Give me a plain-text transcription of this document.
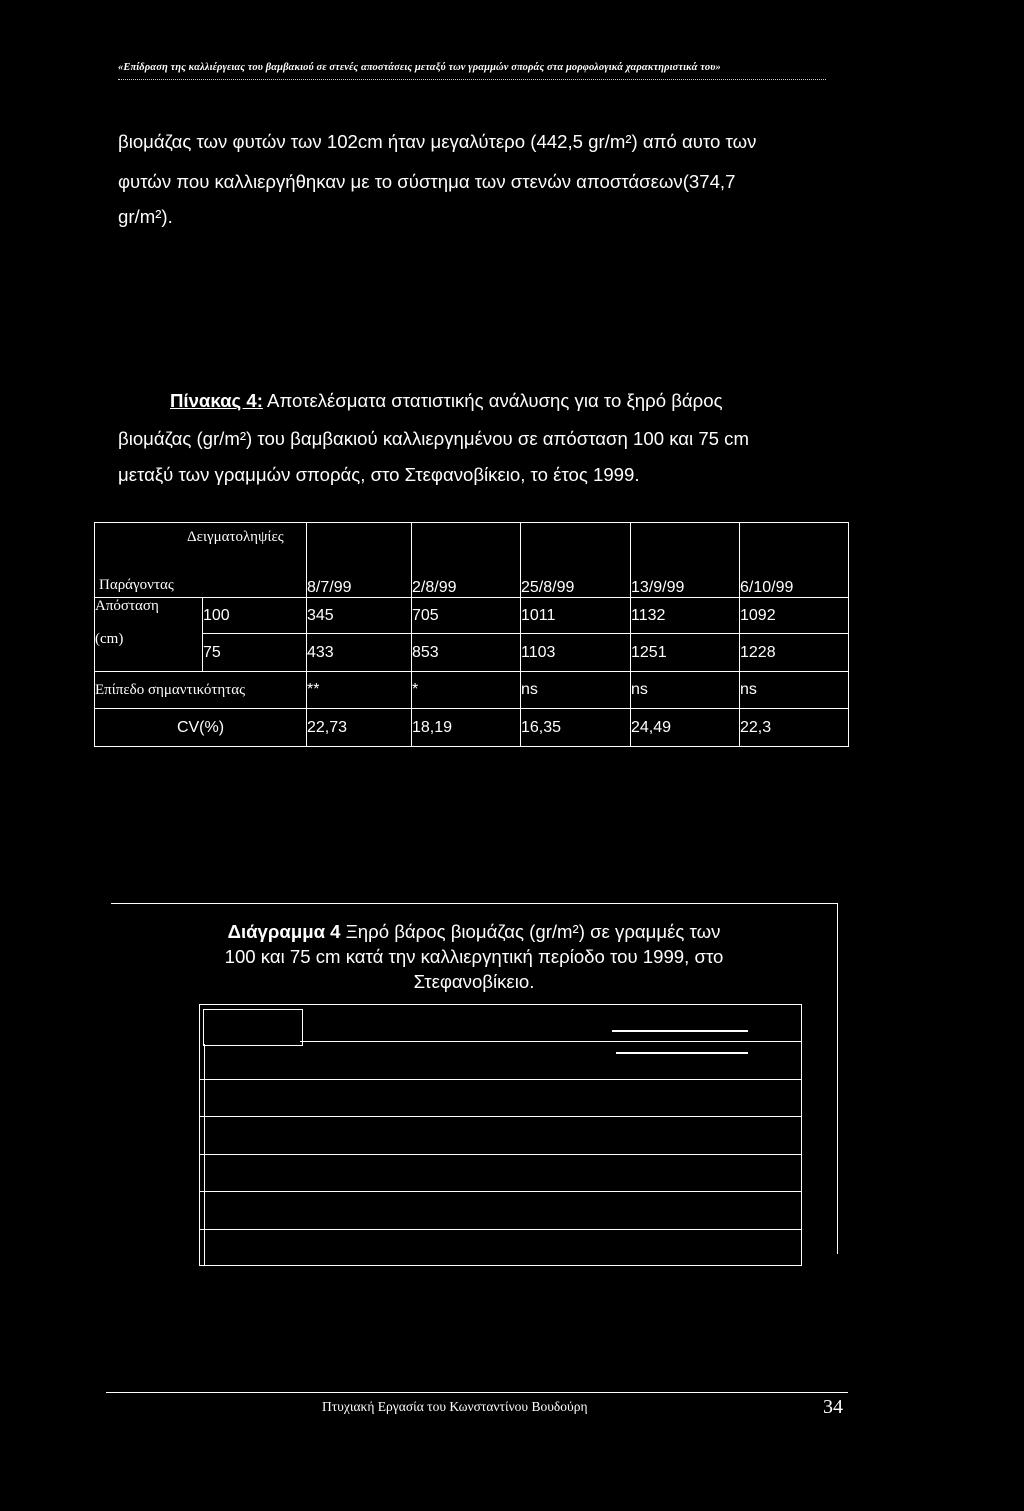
«Επίδραση της καλλιέργειας του βαμβακιού σε στενές αποστάσεις μεταξύ των γραμμών σποράς στα μορφολογικά χαρακτηριστικά του»
βιομάζας των φυτών των 102cm ήταν μεγαλύτερο (442,5 gr/m²) από αυτο των
φυτών που καλλιεργήθηκαν με το σύστημα των στενών αποστάσεων(374,7
gr/m²).
Πίνακας 4: Αποτελέσματα στατιστικής ανάλυσης για το ξηρό βάρος
βιομάζας (gr/m²) του βαμβακιού καλλιεργημένου σε απόσταση 100 και 75 cm
μεταξύ των γραμμών σποράς, στο Στεφανοβίκειο, το έτος 1999.
Δειγματοληψίες
Παράγοντας		8/7/99	2/8/99	25/8/99	13/9/99	6/10/99

Απόσταση
(cm)	100	345	705	1011	1132	1092
	75	433	853	1103	1251	1228
Επίπεδο σημαντικότητας		**	*	ns	ns	ns
CV(%)		22,73	18,19	16,35	24,49	22,3
Διάγραμμα 4 Ξηρό βάρος βιομάζας (gr/m²) σε γραμμές των
100 και 75 cm κατά την καλλιεργητική περίοδο του 1999, στο
Στεφανοβίκειο.
Πτυχιακή Εργασία του Κωνσταντίνου Βουδούρη	34
